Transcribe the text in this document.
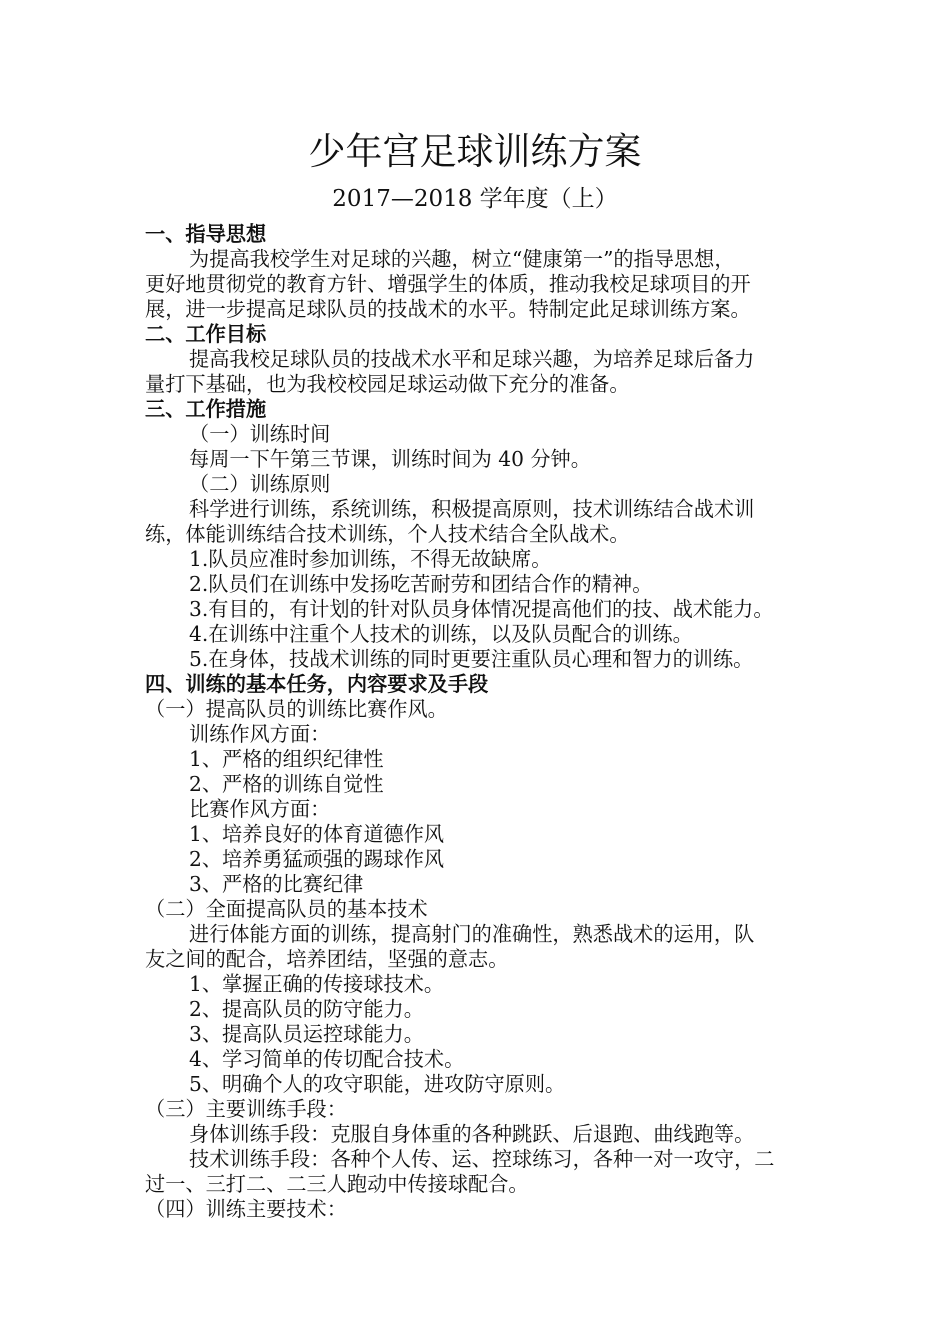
少年宫足球训练方案
2017—2018 学年度（上）
一、指导思想
为提高我校学生对足球的兴趣，树立“健康第一”的指导思想，
更好地贯彻党的教育方针、增强学生的体质，推动我校足球项目的开
展，进一步提高足球队员的技战术的水平。特制定此足球训练方案。
二、工作目标
提高我校足球队员的技战术水平和足球兴趣，为培养足球后备力
量打下基础，也为我校校园足球运动做下充分的准备。
三、工作措施
（一）训练时间
每周一下午第三节课，训练时间为 40 分钟。
（二）训练原则
科学进行训练，系统训练，积极提高原则，技术训练结合战术训
练，体能训练结合技术训练，个人技术结合全队战术。
1.队员应准时参加训练，不得无故缺席。
2.队员们在训练中发扬吃苦耐劳和团结合作的精神。
3.有目的，有计划的针对队员身体情况提高他们的技、战术能力。
4.在训练中注重个人技术的训练，以及队员配合的训练。
5.在身体，技战术训练的同时更要注重队员心理和智力的训练。
四、训练的基本任务，内容要求及手段
（一）提高队员的训练比赛作风。
训练作风方面：
1、严格的组织纪律性
2、严格的训练自觉性
比赛作风方面：
1、培养良好的体育道德作风
2、培养勇猛顽强的踢球作风
3、严格的比赛纪律
（二）全面提高队员的基本技术
进行体能方面的训练，提高射门的准确性，熟悉战术的运用，队
友之间的配合，培养团结，坚强的意志。
1、掌握正确的传接球技术。
2、提高队员的防守能力。
3、提高队员运控球能力。
4、学习简单的传切配合技术。
5、明确个人的攻守职能，进攻防守原则。
（三）主要训练手段：
身体训练手段：克服自身体重的各种跳跃、后退跑、曲线跑等。
技术训练手段：各种个人传、运、控球练习，各种一对一攻守，二
过一、三打二、二三人跑动中传接球配合。
（四）训练主要技术：
